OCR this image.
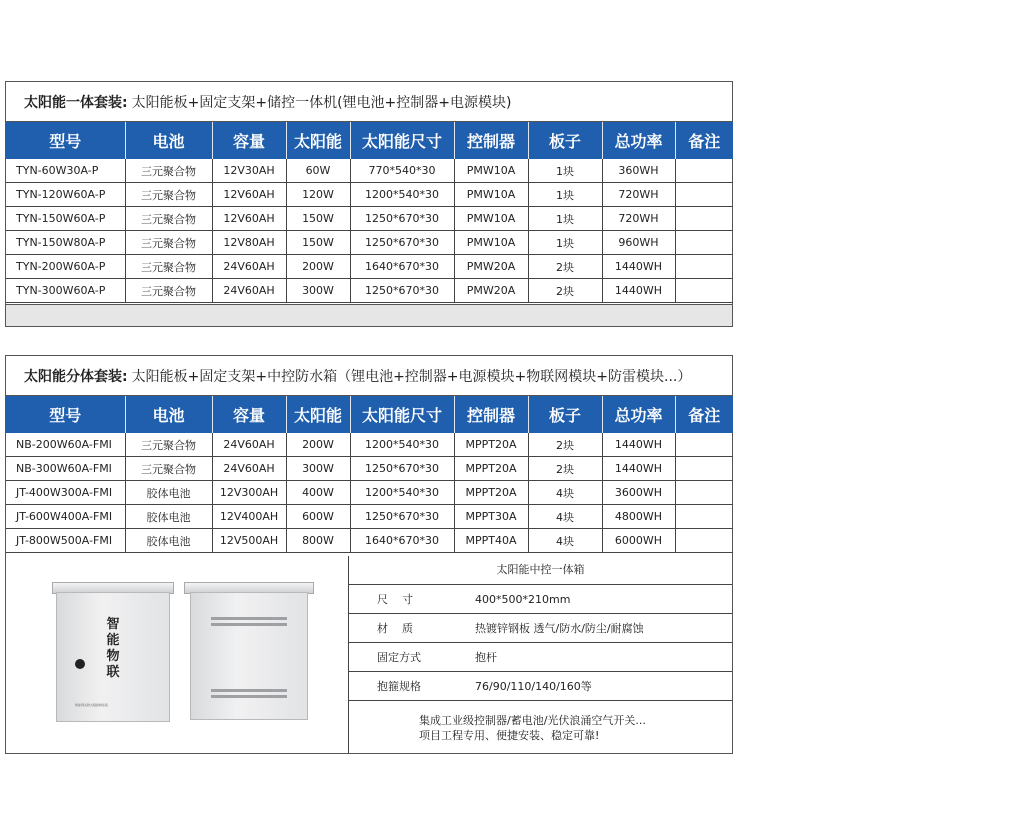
太阳能一体套装: 太阳能板+固定支架+储控一体机(锂电池+控制器+电源模块)
型号	电池	容量	太阳能	太阳能尺寸	控制器	板子	总功率	备注
TYN-60W30A-P	三元聚合物	12V30AH	60W	770*540*30	PMW10A	1块	360WH	
TYN-120W60A-P	三元聚合物	12V60AH	120W	1200*540*30	PMW10A	1块	720WH	
TYN-150W60A-P	三元聚合物	12V60AH	150W	1250*670*30	PMW10A	1块	720WH	
TYN-150W80A-P	三元聚合物	12V80AH	150W	1250*670*30	PMW10A	1块	960WH	
TYN-200W60A-P	三元聚合物	24V60AH	200W	1640*670*30	PMW20A	2块	1440WH	
TYN-300W60A-P	三元聚合物	24V60AH	300W	1250*670*30	PMW20A	2块	1440WH	
太阳能分体套装: 太阳能板+固定支架+中控防水箱（锂电池+控制器+电源模块+物联网模块+防雷模块...）
型号	电池	容量	太阳能	太阳能尺寸	控制器	板子	总功率	备注
NB-200W60A-FMI	三元聚合物	24V60AH	200W	1200*540*30	MPPT20A	2块	1440WH	
NB-300W60A-FMI	三元聚合物	24V60AH	300W	1250*670*30	MPPT20A	2块	1440WH	
JT-400W300A-FMI	胶体电池	12V300AH	400W	1200*540*30	MPPT20A	4块	3600WH	
JT-600W400A-FMI	胶体电池	12V400AH	600W	1250*670*30	MPPT30A	4块	4800WH	
JT-800W500A-FMI	胶体电池	12V500AH	800W	1640*670*30	MPPT40A	4块	6000WH	
智
能
物
联
智能网关防火箱控制系统
太阳能中控一体箱
尺    寸	400*500*210mm
材    质	热镀锌钢板 透气/防水/防尘/耐腐蚀
固定方式	抱杆
抱箍规格	76/90/110/140/160等
集成工业级控制器/蓄电池/光伏浪涌空气开关...
项目工程专用、便捷安装、稳定可靠!
